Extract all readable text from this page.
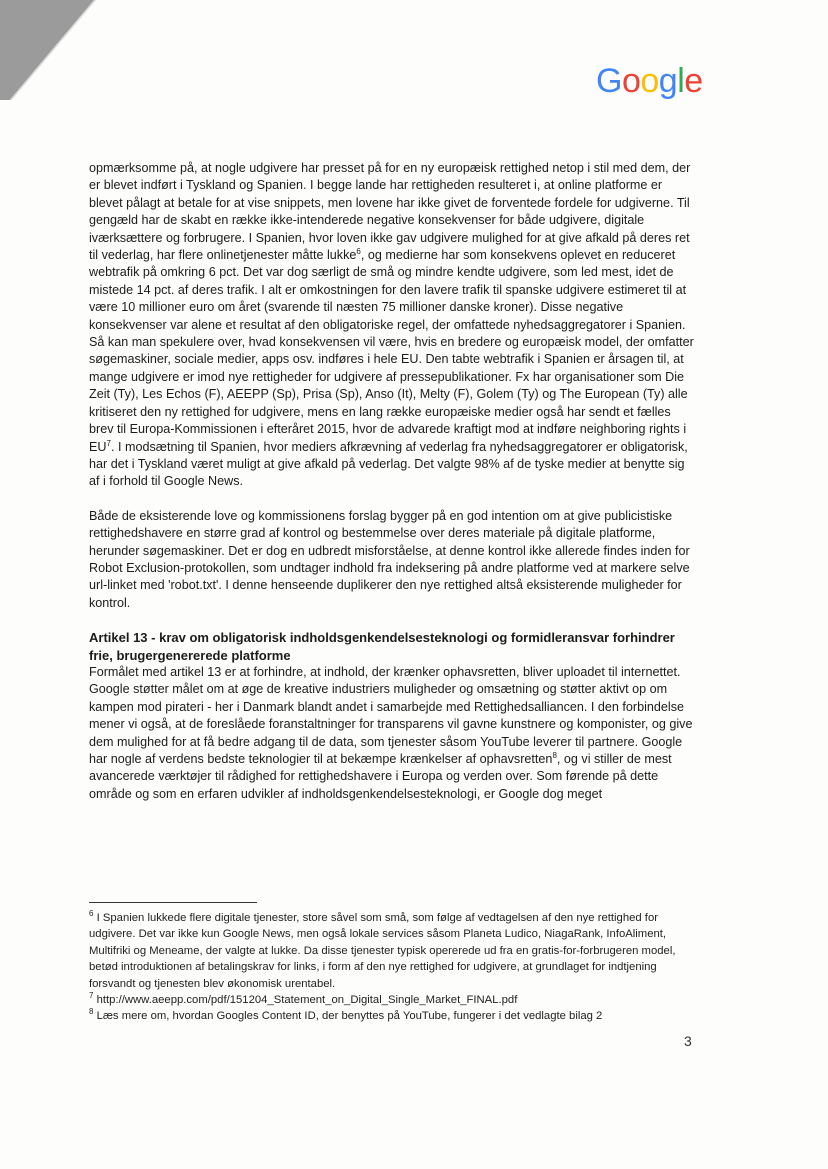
Google

opmærksomme på, at nogle udgivere har presset på for en ny europæisk rettighed netop i stil med dem, der er blevet indført i Tyskland og Spanien. I begge lande har rettigheden resulteret i, at online platforme er blevet pålagt at betale for at vise snippets, men lovene har ikke givet de forventede fordele for udgiverne. Til gengæld har de skabt en række ikke-intenderede negative konsekvenser for både udgivere, digitale iværksættere og forbrugere. I Spanien, hvor loven ikke gav udgivere mulighed for at give afkald på deres ret til vederlag, har flere onlinetjenester måtte lukke$^6$, og medierne har som konsekvens oplevet en reduceret webtrafik på omkring 6 pct. Det var dog særligt de små og mindre kendte udgivere, som led mest, idet de mistede 14 pct. af deres trafik. I alt er omkostningen for den lavere trafik til spanske udgivere estimeret til at være 10 millioner euro om året (svarende til næsten 75 millioner danske kroner). Disse negative konsekvenser var alene et resultat af den obligatoriske regel, der omfattede nyhedsaggregatorer i Spanien. Så kan man spekulere over, hvad konsekvensen vil være, hvis en bredere og europæisk model, der omfatter søgemaskiner, sociale medier, apps osv. indføres i hele EU. Den tabte webtrafik i Spanien er årsagen til, at mange udgivere er imod nye rettigheder for udgivere af pressepublikationer. Fx har organisationer som Die Zeit (Ty), Les Echos (F), AEEPP (Sp), Prisa (Sp), Anso (It), Melty (F), Golem (Ty) og The European (Ty) alle kritiseret den ny rettighed for udgivere, mens en lang række europæiske medier også har sendt et fælles brev til Europa-Kommissionen i efteråret 2015, hvor de advarede kraftigt mod at indføre neighboring rights i $EU^7$. I modsætning til Spanien, hvor mediers afkrævning af vederlag fra nyhedsaggregatorer er obligatorisk, har det i Tyskland været muligt at give afkald på vederlag. Det valgte 98% af de tyske medier at benytte sig af i forhold til Google News.

Både de eksisterende love og kommissionens forslag bygger på en god intention om at give publicistiske rettighedshavere en større grad af kontrol og bestemmelse over deres materiale på digitale platforme, herunder søgemaskiner. Det er dog en udbredt misforståelse, at denne kontrol ikke allerede findes inden for Robot Exclusion-protokollen, som undtager indhold fra indeksering på andre platforme ved at markere selve url-linket med 'robot.txt'. I denne henseende duplikerer den nye rettighed altså eksisterende muligheder for kontrol.

Artikel 13 - krav om obligatorisk indholdsgenkendelsesteknologi og formidleransvar forhindrer frie, brugergenererede platforme

Formålet med artikel 13 er at forhindre, at indhold, der krænker ophavsretten, bliver uploadet til internettet. Google støtter målet om at øge de kreative industriers muligheder og omsætning og støtter aktivt op om kampen mod pirateri - her i Danmark blandt andet i samarbejde med Rettighedsalliancen. I den forbindelse mener vi også, at de foreslåede foranstaltninger for transparens vil gavne kunstnere og komponister, og give dem mulighed for at få bedre adgang til de data, som tjenester såsom YouTube leverer til partnere. Google har nogle af verdens bedste teknologier til at bekæmpe krænkelser af ophavsretten$^8$, og vi stiller de mest avancerede værktøjer til rådighed for rettighedshavere i Europa og verden over. Som førende på dette område og som en erfaren udvikler af indholdsgenkendelsesteknologi, er Google dog meget

$^6$ I Spanien lukkede flere digitale tjenester, store såvel som små, som følge af vedtagelsen af den nye rettighed for udgivere. Det var ikke kun Google News, men også lokale services såsom Planeta Ludico, NiagaRank, InfoAliment, Multifriki og Meneame, der valgte at lukke. Da disse tjenester typisk opererede ud fra en gratis-for-forbrugeren model, betød introduktionen af betalingskrav for links, i form af den nye rettighed for udgivere, at grundlaget for indtjening forsvandt og tjenesten blev økonomisk urentabel.

$^7$ http://www.aeepp.com/pdf/151204_Statement_on_Digital_Single_Market_FINAL.pdf

$^8$ Læs mere om, hvordan Googles Content ID, der benyttes på YouTube, fungerer i det vedlagte bilag 2

3
